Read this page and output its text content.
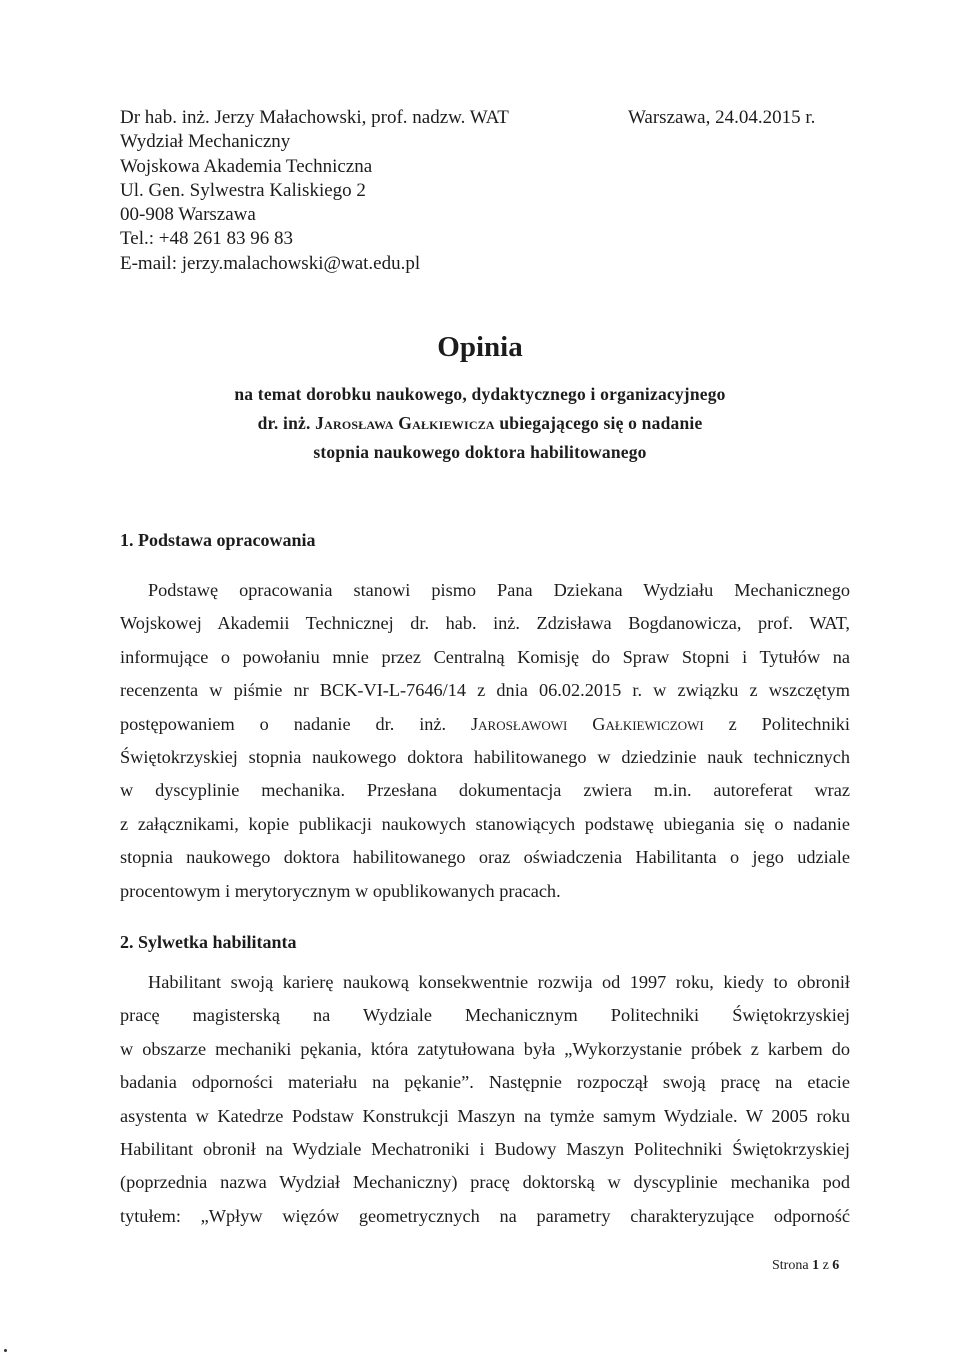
Dr hab. inż. Jerzy Małachowski, prof. nadzw. WAT
Wydział Mechaniczny
Wojskowa Akademia Techniczna
Ul. Gen. Sylwestra Kaliskiego 2
00-908 Warszawa
Tel.: +48 261 83 96 83
E-mail: jerzy.malachowski@wat.edu.pl
Warszawa, 24.04.2015 r.
Opinia
na temat dorobku naukowego, dydaktycznego i organizacyjnego
dr. inż. Jarosława Gałkiewicza ubiegającego się o nadanie
stopnia naukowego doktora habilitowanego
1. Podstawa opracowania
Podstawę opracowania stanowi pismo Pana Dziekana Wydziału Mechanicznego
Wojskowej Akademii Technicznej dr. hab. inż. Zdzisława Bogdanowicza, prof. WAT,
informujące o powołaniu mnie przez Centralną Komisję do Spraw Stopni i Tytułów na
recenzenta w piśmie nr BCK-VI-L-7646/14 z dnia 06.02.2015 r. w związku z wszczętym
postępowaniem o nadanie dr. inż. Jarosławowi Gałkiewiczowi z Politechniki
Świętokrzyskiej stopnia naukowego doktora habilitowanego w dziedzinie nauk technicznych
w dyscyplinie mechanika. Przesłana dokumentacja zwiera m.in. autoreferat wraz
z załącznikami, kopie publikacji naukowych stanowiących podstawę ubiegania się o nadanie
stopnia naukowego doktora habilitowanego oraz oświadczenia Habilitanta o jego udziale
procentowym i merytorycznym w opublikowanych pracach.
2. Sylwetka habilitanta
Habilitant swoją karierę naukową konsekwentnie rozwija od 1997 roku, kiedy to obronił
pracę magisterską na Wydziale Mechanicznym Politechniki Świętokrzyskiej
w obszarze mechaniki pękania, która zatytułowana była „Wykorzystanie próbek z karbem do
badania odporności materiału na pękanie”. Następnie rozpoczął swoją pracę na etacie
asystenta w Katedrze Podstaw Konstrukcji Maszyn na tymże samym Wydziale. W 2005 roku
Habilitant obronił na Wydziale Mechatroniki i Budowy Maszyn Politechniki Świętokrzyskiej
(poprzednia nazwa Wydział Mechaniczny) pracę doktorską w dyscyplinie mechanika pod
tytułem: „Wpływ więzów geometrycznych na parametry charakteryzujące odporność
Strona 1 z 6
